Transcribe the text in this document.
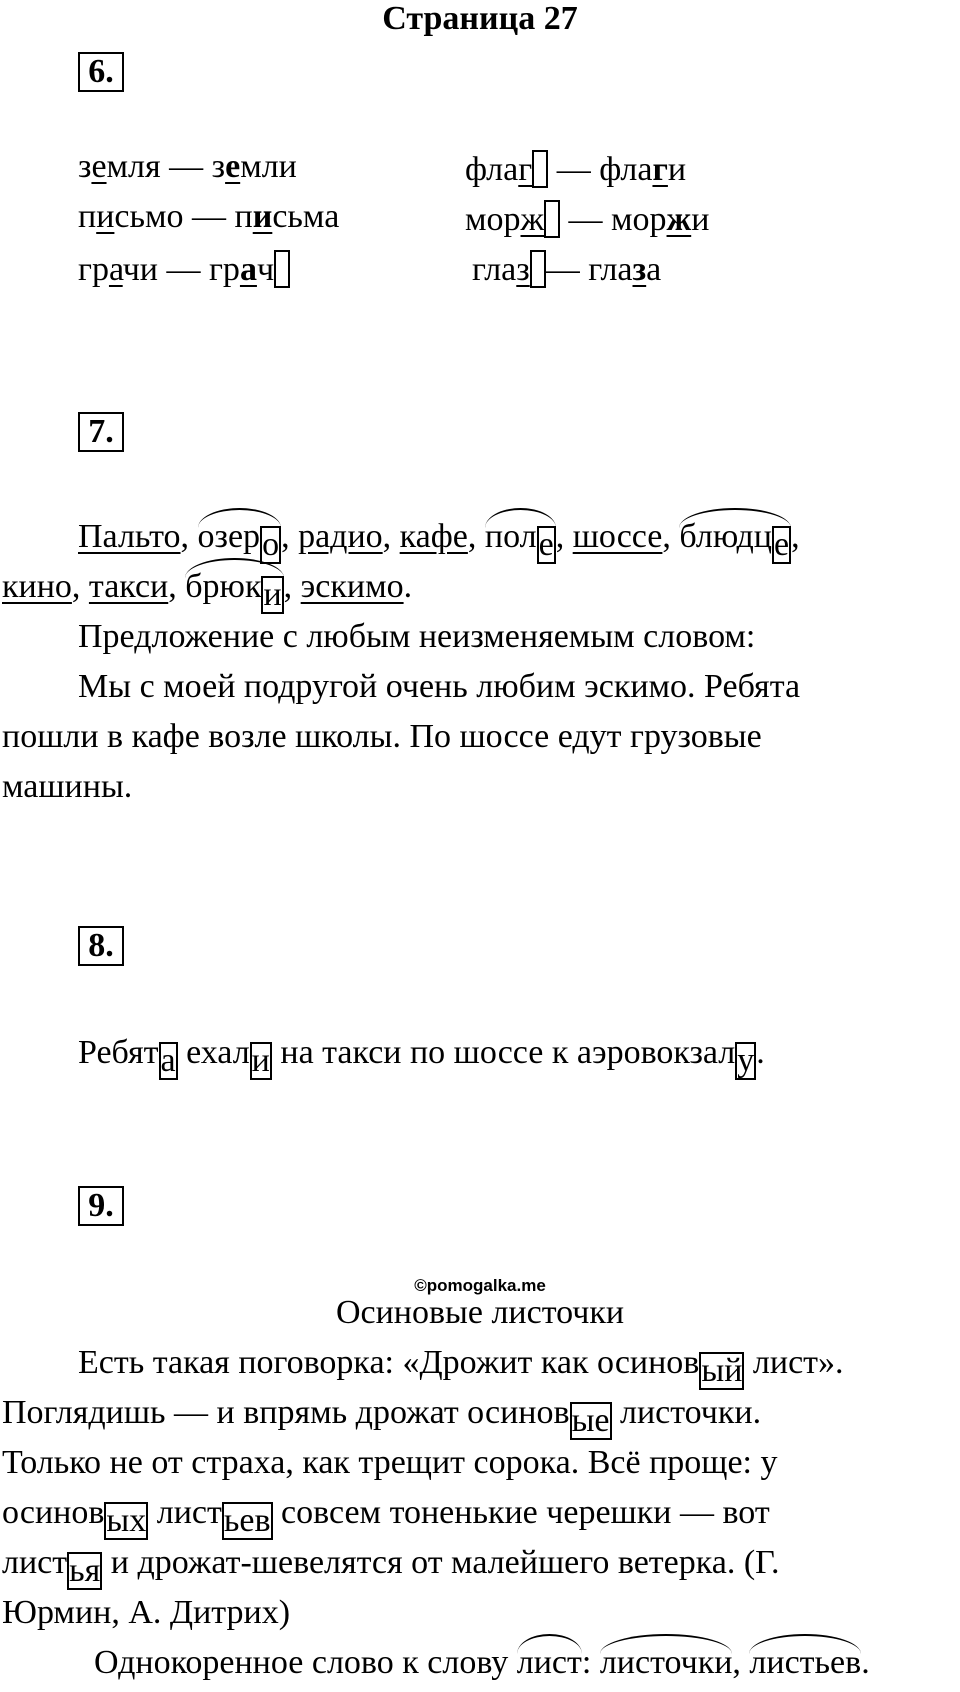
Страница 27
6.
земля — земли	флаг — флаги
письмо — письма	морж — моржи
грачи — грач	глаз — глаза
7.
Пальто, озеро, радио, кафе, поле, шоссе, блюдце,
кино, такси, брюки, эскимо.
Предложение с любым неизменяемым словом:
Мы с моей подругой очень любим эскимо. Ребята
пошли в кафе возле школы. По шоссе едут грузовые
машины.
8.
Ребята ехали на такси по шоссе к аэровокзалу.
9.
©pomogalka.me
Осиновые листочки
Есть такая поговорка: «Дрожит как осиновый лист».
Поглядишь — и впрямь дрожат осиновые листочки.
Только не от страха, как трещит сорока. Всё проще: у
осиновых листьев совсем тоненькие черешки — вот
листья и дрожат-шевелятся от малейшего ветерка. (Г.
Юрмин, А. Дитрих)
Однокоренное слово к слову лист: листочки, листьев.
